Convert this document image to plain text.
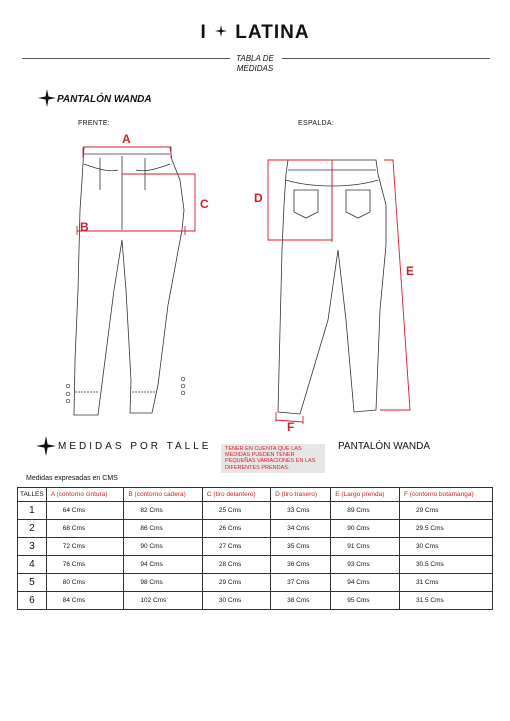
I LATINA
TABLA DE
MEDIDAS
PANTALÓN WANDA
FRENTE:	ESPALDA:
A
B
C	D
E
F
MEDIDAS POR TALLE	TENER EN CUENTA QUE LAS MEDIDAS PUEDEN TENER PEQUEÑAS VARIACIONES EN LAS DIFERENTES PRENDAS.
PANTALÓN WANDA
Medidas expresadas en CMS
TALLES	A (contorno cintura)	B (contorno cadera)	C (tiro delantero)	D (tiro trasero)	E (Largo prenda)	F (contorno botamanga)
1	64 Cms	82 Cms	25 Cms	33 Cms	89 Cms	29 Cms
2	68 Cms	86 Cms	26 Cms	34 Cms	90 Cms	29.5 Cms
3	72 Cms	90 Cms	27 Cms	35 Cms	91 Cms	30 Cms
4	76 Cms	94 Cms	28 Cms	36 Cms	93 Cms	30.5 Cms
5	80 Cms	98 Cms	29 Cms	37 Cms	94 Cms	31 Cms
6	84 Cms	102 Cms	30 Cms	38 Cms	95 Cms	31.5 Cms
